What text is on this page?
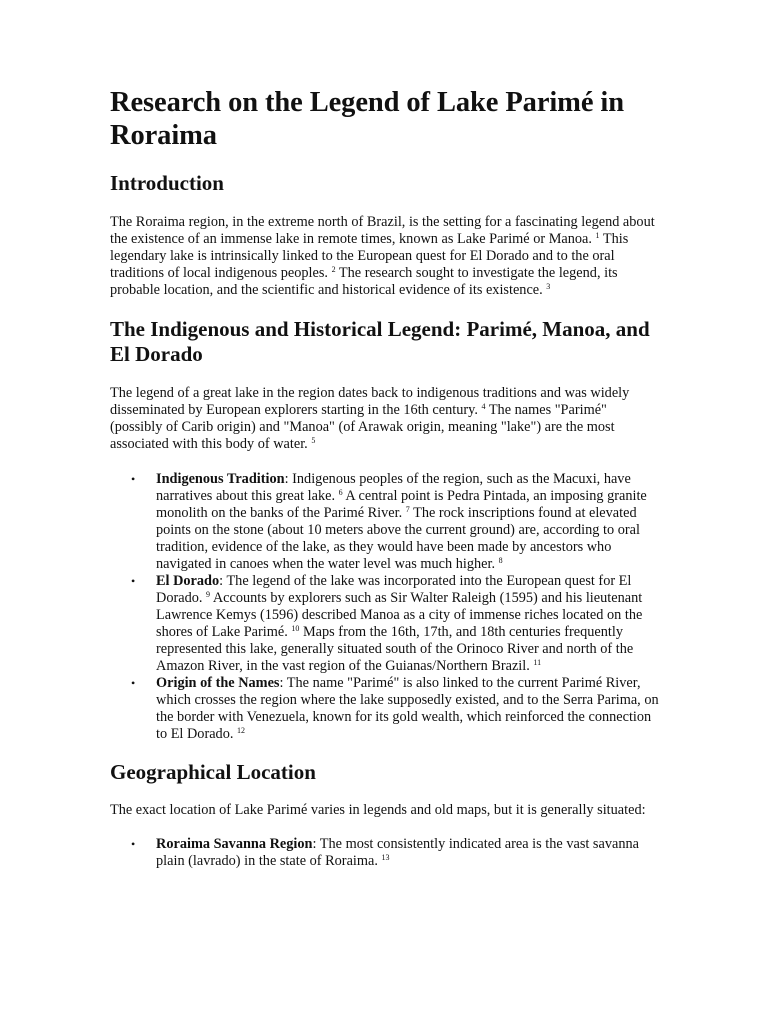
Research on the Legend of Lake Parimé in Roraima
Introduction

The Roraima region, in the extreme north of Brazil, is the setting for a fascinating legend about the existence of an immense lake in remote times, known as Lake Parimé or Manoa. $^1$ This legendary lake is intrinsically linked to the European quest for El Dorado and to the oral traditions of local indigenous peoples. $^2$ The research sought to investigate the legend, its probable location, and the scientific and historical evidence of its existence. $^3$

The Indigenous and Historical Legend: Parimé, Manoa, and El Dorado

The legend of a great lake in the region dates back to indigenous traditions and was widely disseminated by European explorers starting in the 16th century. $^4$ The names "Parimé" (possibly of Carib origin) and "Manoa" (of Arawak origin, meaning "lake") are the most associated with this body of water. $^5$

• Indigenous Tradition: Indigenous peoples of the region, such as the Macuxi, have narratives about this great lake. $^6$ A central point is Pedra Pintada, an imposing granite monolith on the banks of the Parimé River. $^7$ The rock inscriptions found at elevated points on the stone (about 10 meters above the current ground) are, according to oral tradition, evidence of the lake, as they would have been made by ancestors who navigated in canoes when the water level was much higher. $^8$
• El Dorado: The legend of the lake was incorporated into the European quest for El Dorado. $^9$ Accounts by explorers such as Sir Walter Raleigh (1595) and his lieutenant Lawrence Kemys (1596) described Manoa as a city of immense riches located on the shores of Lake Parimé. $^{10}$ Maps from the 16th, 17th, and 18th centuries frequently represented this lake, generally situated south of the Orinoco River and north of the Amazon River, in the vast region of the Guianas/Northern Brazil. $^{11}$
• Origin of the Names: The name "Parimé" is also linked to the current Parimé River, which crosses the region where the lake supposedly existed, and to the Serra Parima, on the border with Venezuela, known for its gold wealth, which reinforced the connection to El Dorado. $^{12}$
Geographical Location

The exact location of Lake Parimé varies in legends and old maps, but it is generally situated:

• Roraima Savanna Region: The most consistently indicated area is the vast savanna plain (lavrado) in the state of Roraima. $^{13}$
